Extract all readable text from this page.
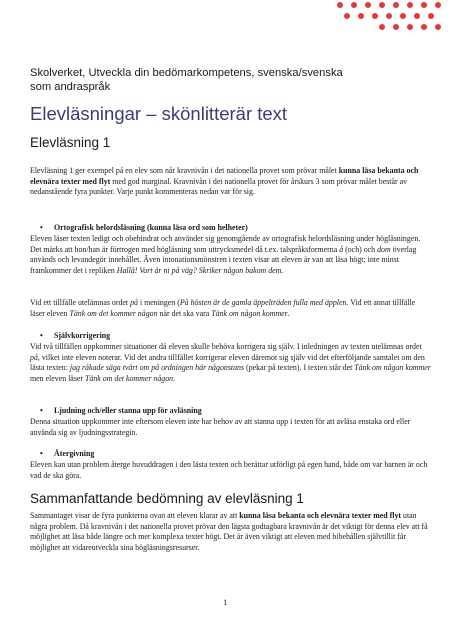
Skolverket, Utveckla din bedömarkompetens, svenska/svenska
som andraspråk
Elevläsningar – skönlitterär text
Elevläsning 1
Elevläsning 1 ger exempel på en elev som når kravnivån i det nationella provet som prövar målet kunna läsa bekanta och elevnära texter med flyt med god marginal. Kravnivån i det nationella provet för årskurs 3 som prövar målet består av nedanstående fyra punkter. Varje punkt kommenteras nedan var för sig.
• Ortografisk helordsläsning (kunna läsa ord som helheter)
Eleven läser texten ledigt och obehindrat och använder sig genomgående av ortografisk helordsläsning under högläsningen. Det märks att hon/han är förtrogen med högläsning som uttrycksmedel då t.ex. talspråksformerna å (och) och dom överlag används och levandegör innehållet. Även intonationsmönstren i texten visar att eleven är van att läsa högt; inte minst framkommer det i repliken Hallå! Vart är ni på väg? Skriker någon bakom dem.
Vid ett tillfälle utelämnas ordet på i meningen (På hösten är de gamla äppelträden fulla med äpplen. Vid ett annat tillfälle läser eleven Tänk om det kommer någon när det ska vara Tänk om någon kommer.
• Självkorrigering
Vid två tillfällen uppkommer situationer då eleven skulle behöva korrigera sig själv. I inledningen av texten utelämnas ordet på, vilket inte eleven noterar. Vid det andra tillfället korrigerar eleven däremot sig själv vid det efterföljande samtalet om den lästa texten: jag råkade säga tvärt om på ordningen här någonstans (pekar på texten). I texten står det Tänk om någon kommer men eleven läser Tänk om det kommer någon.
• Ljudning och/eller stanna upp för avläsning
Denna situation uppkommer inte eftersom eleven inte har behov av att stanna upp i texten för att avläsa enstaka ord eller använda sig av ljudningsstrategin.
• Återgivning
Eleven kan utan problem återge huvuddragen i den lästa texten och berättar utförligt på egen hand, både om var barnen är och vad de ska göra.
Sammanfattande bedömning av elevläsning 1
Sammantaget visar de fyra punkterna ovan att eleven klarar av att kunna läsa bekanta och elevnära texter med flyt utan några problem. Då kravnivån i det nationella provet prövar den lägsta godtagbara kravnivån är det viktigt för denna elev att få möjlighet att läsa både längre och mer komplexa texter högt. Det är även viktigt att eleven med bibehållen självtillit får möjlighet att vidareutveckla sina högläsningsresurser.
1
